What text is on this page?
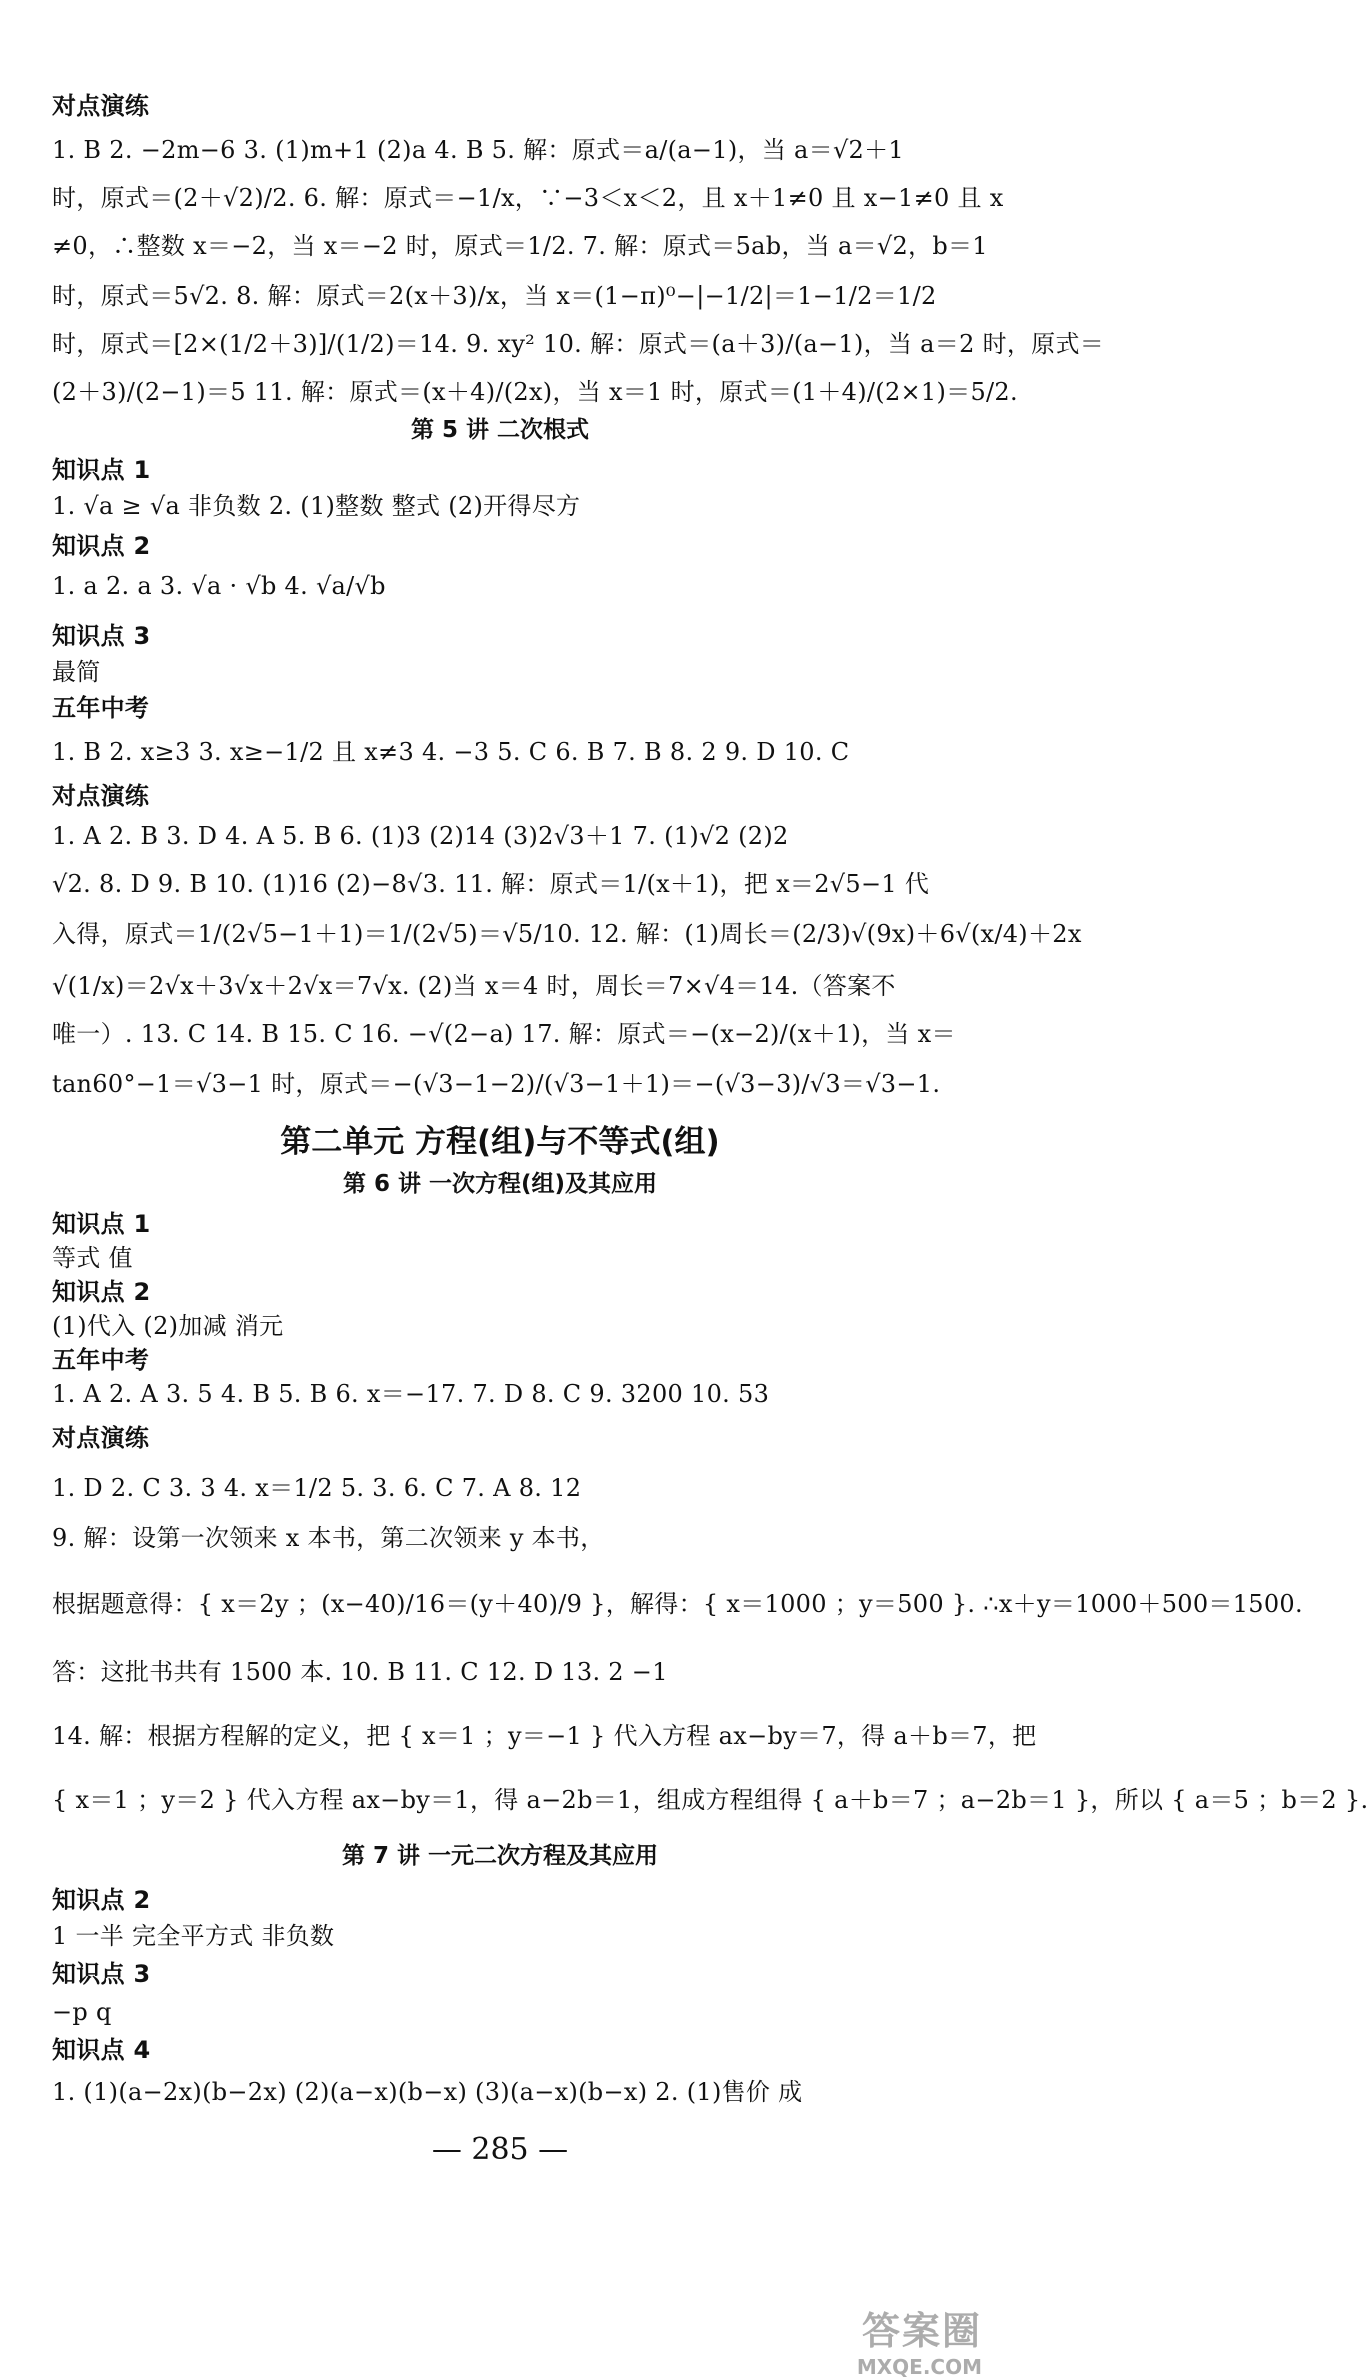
对点演练
1. B 2. −2m−6 3. (1)m+1 (2)a 4. B 5. 解：原式＝a/(a−1)，当 a＝√2＋1
时，原式＝(2＋√2)/2. 6. 解：原式＝−1/x，∵−3＜x＜2，且 x＋1≠0 且 x−1≠0 且 x
≠0，∴整数 x＝−2，当 x＝−2 时，原式＝1/2. 7. 解：原式＝5ab，当 a＝√2，b＝1
时，原式＝5√2. 8. 解：原式＝2(x＋3)/x，当 x＝(1−π)⁰−|−1/2|＝1−1/2＝1/2
时，原式＝[2×(1/2＋3)]/(1/2)＝14. 9. xy² 10. 解：原式＝(a＋3)/(a−1)，当 a＝2 时，原式＝
(2＋3)/(2−1)＝5 11. 解：原式＝(x＋4)/(2x)，当 x＝1 时，原式＝(1＋4)/(2×1)＝5/2.
第 5 讲 二次根式
知识点 1
1. √a ≥ √a 非负数 2. (1)整数 整式 (2)开得尽方
知识点 2
1. a 2. a 3. √a · √b 4. √a/√b
知识点 3
最简
五年中考
1. B 2. x≥3 3. x≥−1/2 且 x≠3 4. −3 5. C 6. B 7. B 8. 2 9. D 10. C
对点演练
1. A 2. B 3. D 4. A 5. B 6. (1)3 (2)14 (3)2√3＋1 7. (1)√2 (2)2
√2. 8. D 9. B 10. (1)16 (2)−8√3. 11. 解：原式＝1/(x＋1)，把 x＝2√5−1 代
入得，原式＝1/(2√5−1＋1)＝1/(2√5)＝√5/10. 12. 解：(1)周长＝(2/3)√(9x)＋6√(x/4)＋2x
√(1/x)＝2√x＋3√x＋2√x＝7√x. (2)当 x＝4 时，周长＝7×√4＝14.（答案不
唯一）. 13. C 14. B 15. C 16. −√(2−a) 17. 解：原式＝−(x−2)/(x＋1)，当 x＝
tan60°−1＝√3−1 时，原式＝−(√3−1−2)/(√3−1＋1)＝−(√3−3)/√3＝√3−1.
第二单元 方程(组)与不等式(组)
第 6 讲 一次方程(组)及其应用
知识点 1
等式 值
知识点 2
(1)代入 (2)加减 消元
五年中考
1. A 2. A 3. 5 4. B 5. B 6. x＝−17. 7. D 8. C 9. 3200 10. 53
对点演练
1. D 2. C 3. 3 4. x＝1/2 5. 3. 6. C 7. A 8. 12
9. 解：设第一次领来 x 本书，第二次领来 y 本书，
根据题意得：{ x＝2y ；(x−40)/16＝(y＋40)/9 }，解得：{ x＝1000 ；y＝500 }. ∴x＋y＝1000＋500＝1500.
答：这批书共有 1500 本. 10. B 11. C 12. D 13. 2 −1
14. 解：根据方程解的定义，把 { x＝1 ；y＝−1 } 代入方程 ax−by＝7，得 a＋b＝7，把
{ x＝1 ；y＝2 } 代入方程 ax−by＝1，得 a−2b＝1，组成方程组得 { a＋b＝7 ；a−2b＝1 }，所以 { a＝5 ；b＝2 }.
第 7 讲 一元二次方程及其应用
知识点 2
1 一半 完全平方式 非负数
知识点 3
−p q
知识点 4
1. (1)(a−2x)(b−2x) (2)(a−x)(b−x) (3)(a−x)(b−x) 2. (1)售价 成
— 285 —
答案圈
MXQE.COM
